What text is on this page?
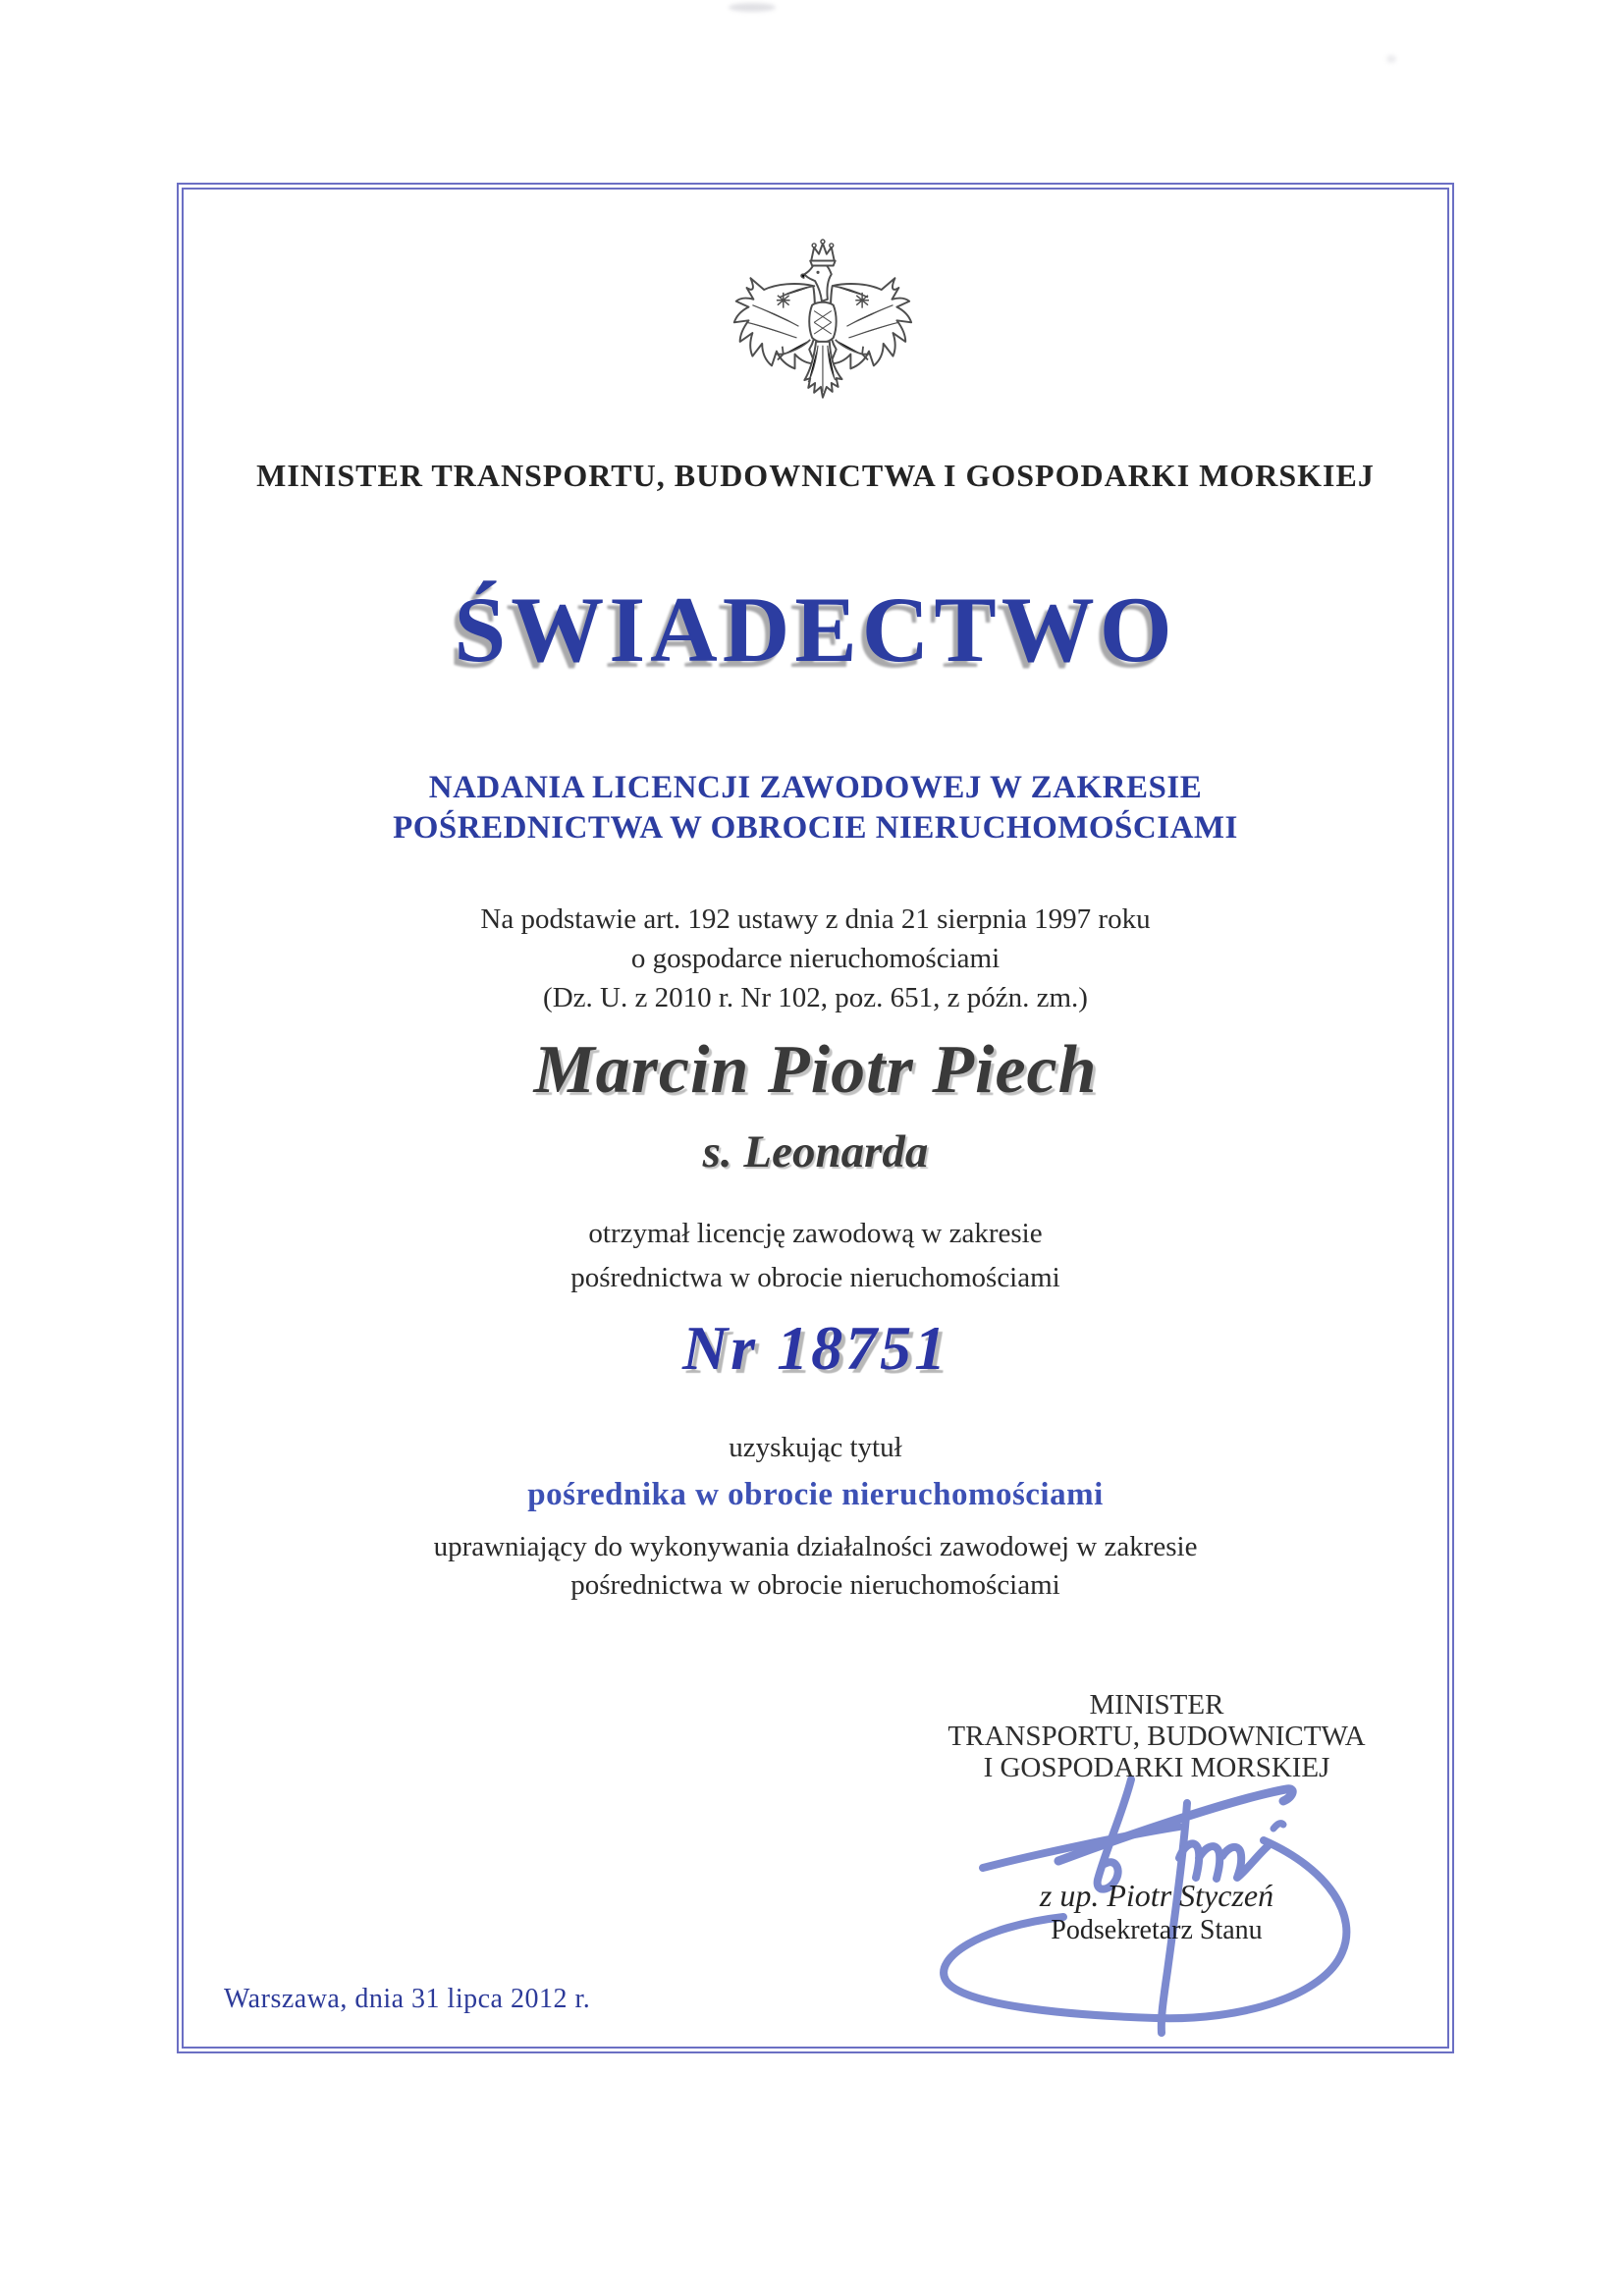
MINISTER TRANSPORTU, BUDOWNICTWA I GOSPODARKI MORSKIEJ
ŚWIADECTWO
NADANIA LICENCJI ZAWODOWEJ W ZAKRESIE
POŚREDNICTWA W OBROCIE NIERUCHOMOŚCIAMI
Na podstawie art. 192 ustawy z dnia 21 sierpnia 1997 roku
o gospodarce nieruchomościami
(Dz. U. z 2010 r. Nr 102, poz. 651, z późn. zm.)
Marcin Piotr Piech
s. Leonarda
otrzymał licencję zawodową w zakresie
pośrednictwa w obrocie nieruchomościami
Nr 18751
uzyskując tytuł
pośrednika w obrocie nieruchomościami
uprawniający do wykonywania działalności zawodowej w zakresie
pośrednictwa w obrocie nieruchomościami
MINISTER
TRANSPORTU, BUDOWNICTWA
I GOSPODARKI MORSKIEJ
z up. Piotr Styczeń
Podsekretarz Stanu
Warszawa, dnia 31 lipca 2012 r.
